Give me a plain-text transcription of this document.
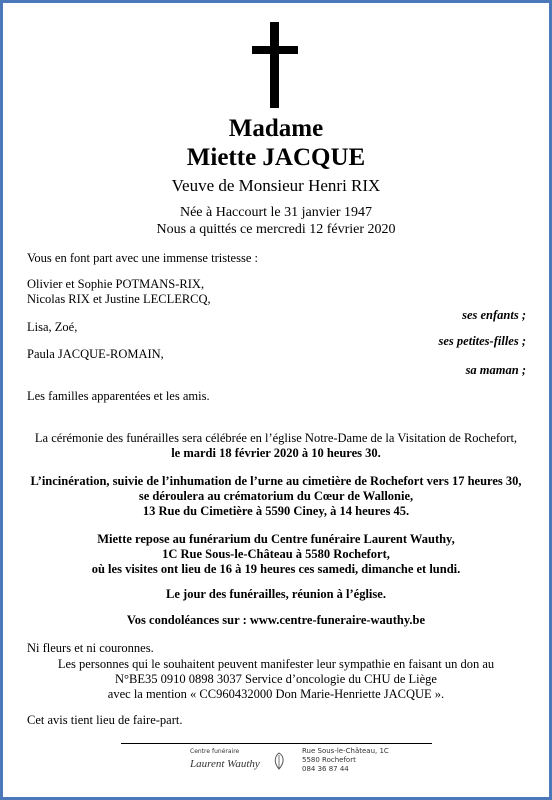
Madame
Miette JACQUE
Veuve de Monsieur Henri RIX
Née à Haccourt le 31 janvier 1947
Nous a quittés ce mercredi 12 février 2020
Vous en font part avec une immense tristesse :
Olivier et Sophie POTMANS-RIX,
Nicolas RIX et Justine LECLERCQ,
ses enfants ;
Lisa, Zoé,
ses petites-filles ;
Paula JACQUE-ROMAIN,
sa maman ;
Les familles apparentées et les amis.
La cérémonie des funérailles sera célébrée en l’église Notre-Dame de la Visitation de Rochefort,
le mardi 18 février 2020 à 10 heures 30.
L’incinération, suivie de l’inhumation de l’urne au cimetière de Rochefort vers 17 heures 30,
se déroulera au crématorium du Cœur de Wallonie,
13 Rue du Cimetière à 5590 Ciney, à 14 heures 45.
Miette repose au funérarium du Centre funéraire Laurent Wauthy,
1C Rue Sous-le-Château à 5580 Rochefort,
où les visites ont lieu de 16 à 19 heures ces samedi, dimanche et lundi.
Le jour des funérailles, réunion à l’église.
Vos condoléances sur : www.centre-funeraire-wauthy.be
Ni fleurs et ni couronnes.
Les personnes qui le souhaitent peuvent manifester leur sympathie en faisant un don au
N°BE35 0910 0898 3037 Service d’oncologie du CHU de Liège
avec la mention « CC960432000 Don Marie-Henriette JACQUE ».
Cet avis tient lieu de faire-part.
Centre funéraire
Laurent Wauthy
Rue Sous-le-Château, 1C
5580 Rochefort
084 36 87 44
